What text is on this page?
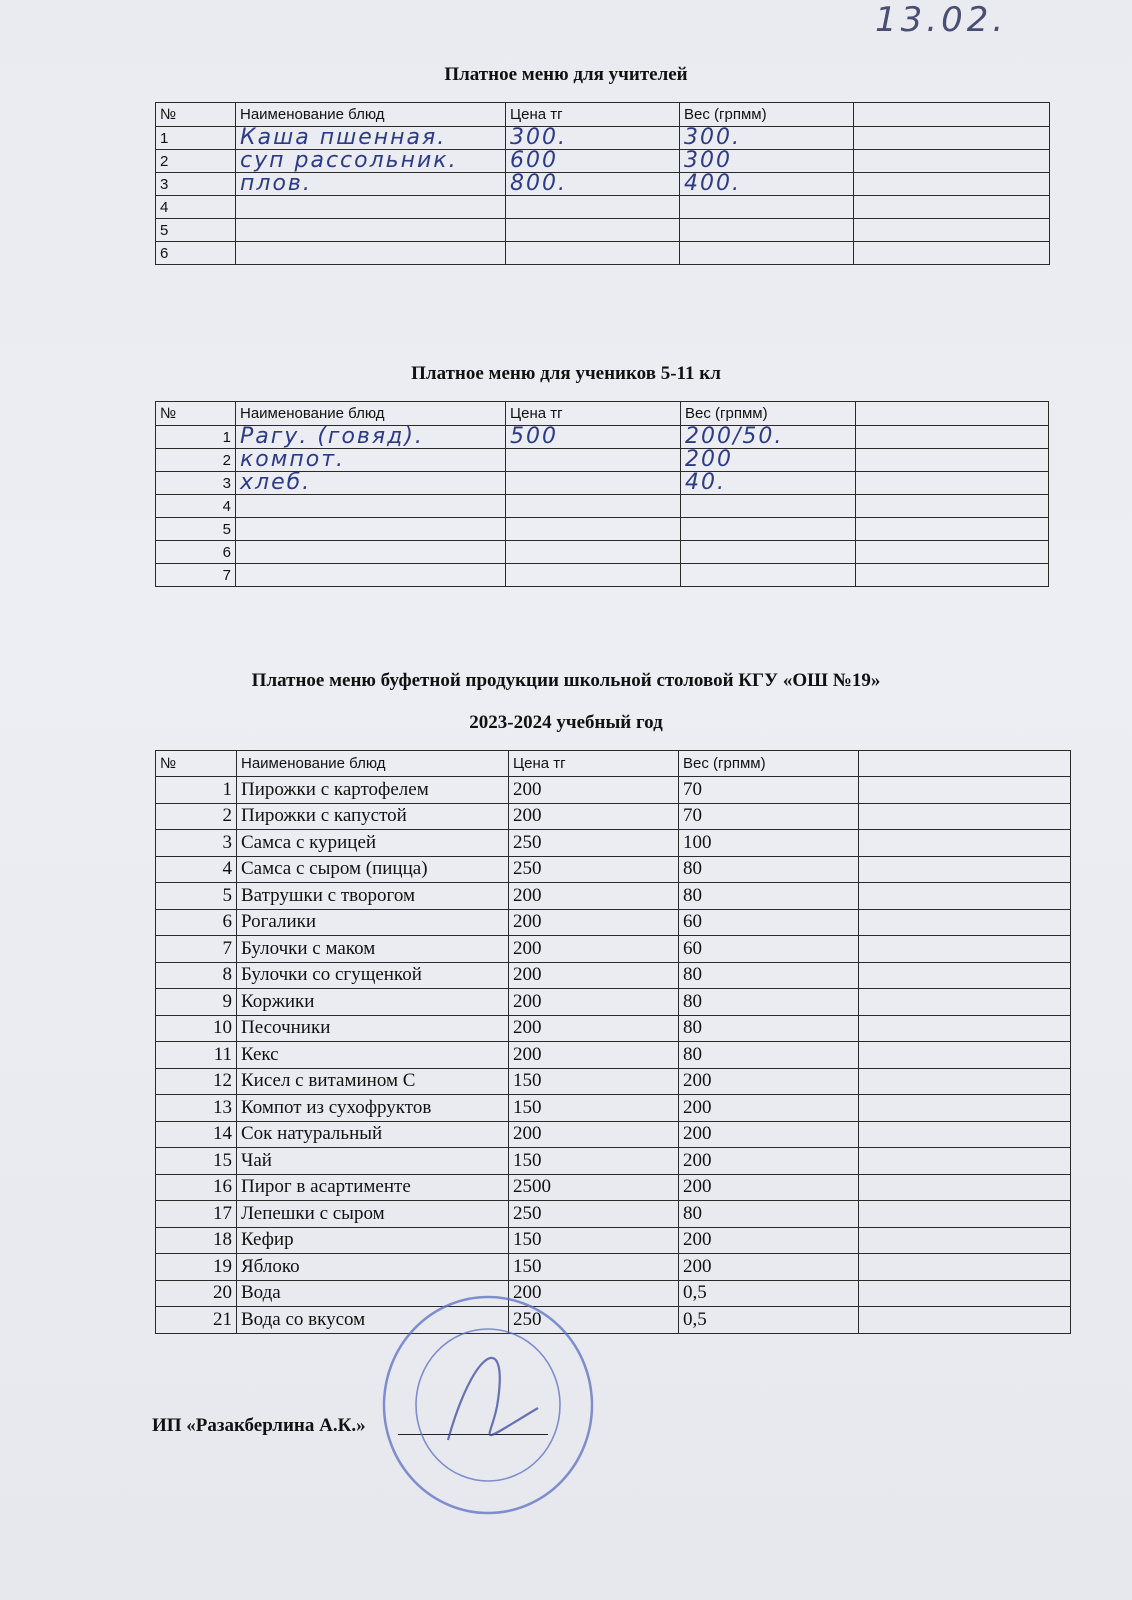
13.02.
Платное меню для учителей
№	Наименование блюд	Цена тг	Вес (грпмм)	
1	Каша пшенная.	300.	300.	
2	суп рассольник.	600	300	
3	плов.	800.	400.	
4				
5				
6				
Платное меню для учеников 5-11 кл
№	Наименование блюд	Цена тг	Вес (грпмм)	
1	Рагу. (говяд).	500	200/50.	
2	компот.		200	
3	хлеб.		40.	
4				
5				
6				
7				
Платное меню буфетной продукции школьной столовой КГУ «ОШ №19»
2023-2024 учебный год
№	Наименование блюд	Цена тг	Вес (грпмм)	
1	Пирожки с картофелем	200	70	
2	Пирожки с капустой	200	70	
3	Самса с курицей	250	100	
4	Самса с сыром (пицца)	250	80	
5	Ватрушки с творогом	200	80	
6	Рогалики	200	60	
7	Булочки с маком	200	60	
8	Булочки со сгущенкой	200	80	
9	Коржики	200	80	
10	Песочники	200	80	
11	Кекс	200	80	
12	Кисел с витамином С	150	200	
13	Компот из сухофруктов	150	200	
14	Сок натуральный	200	200	
15	Чай	150	200	
16	Пирог в асартименте	2500	200	
17	Лепешки с сыром	250	80	
18	Кефир	150	200	
19	Яблоко	150	200	
20	Вода	200	0,5	
21	Вода со вкусом	250	0,5	
ИП «Разакберлина А.К.»
